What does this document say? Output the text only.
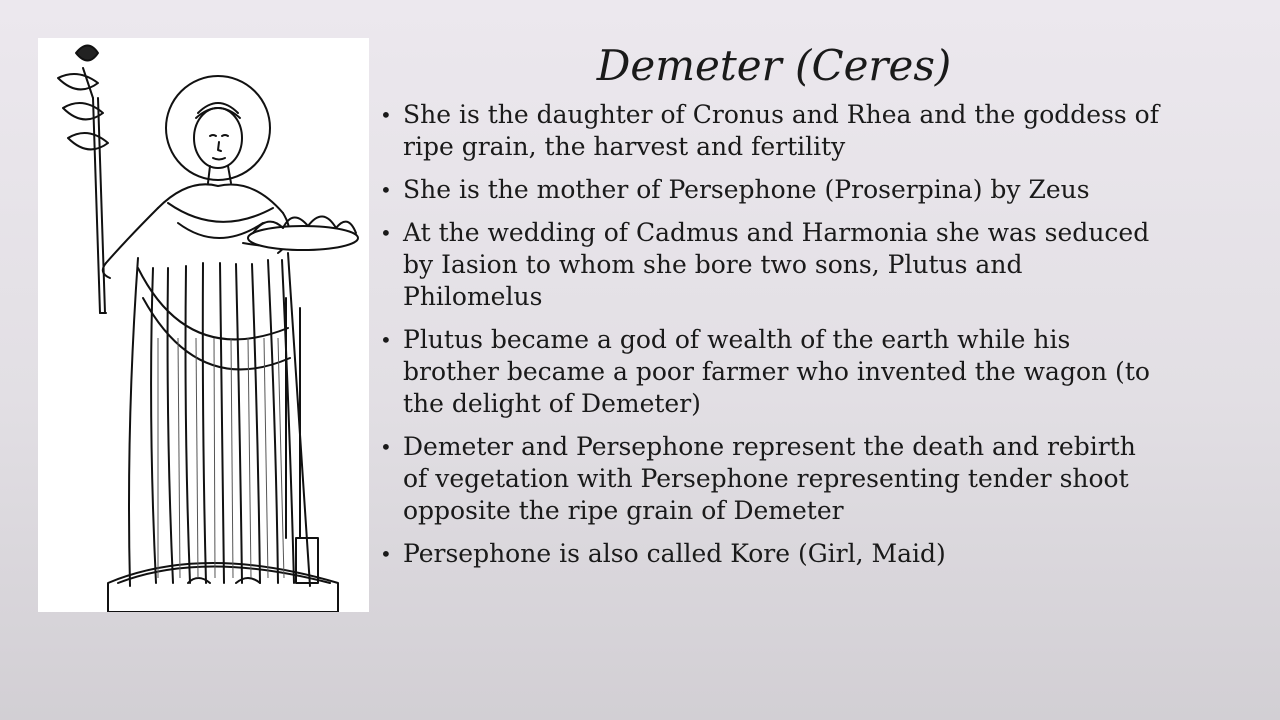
Demeter (Ceres)
• She is the daughter of Cronus and Rhea and the goddess of ripe grain, the harvest and fertility
• She is the mother of Persephone (Proserpina) by Zeus
• At the wedding of Cadmus and Harmonia she was seduced by Iasion to whom she bore two sons, Plutus and Philomelus
• Plutus became a god of wealth of the earth while his brother became a poor farmer who invented the wagon (to the delight of Demeter)
• Demeter and Persephone represent the death and rebirth of vegetation with Persephone representing tender shoot opposite the ripe grain of Demeter
• Persephone is also called Kore (Girl, Maid)
